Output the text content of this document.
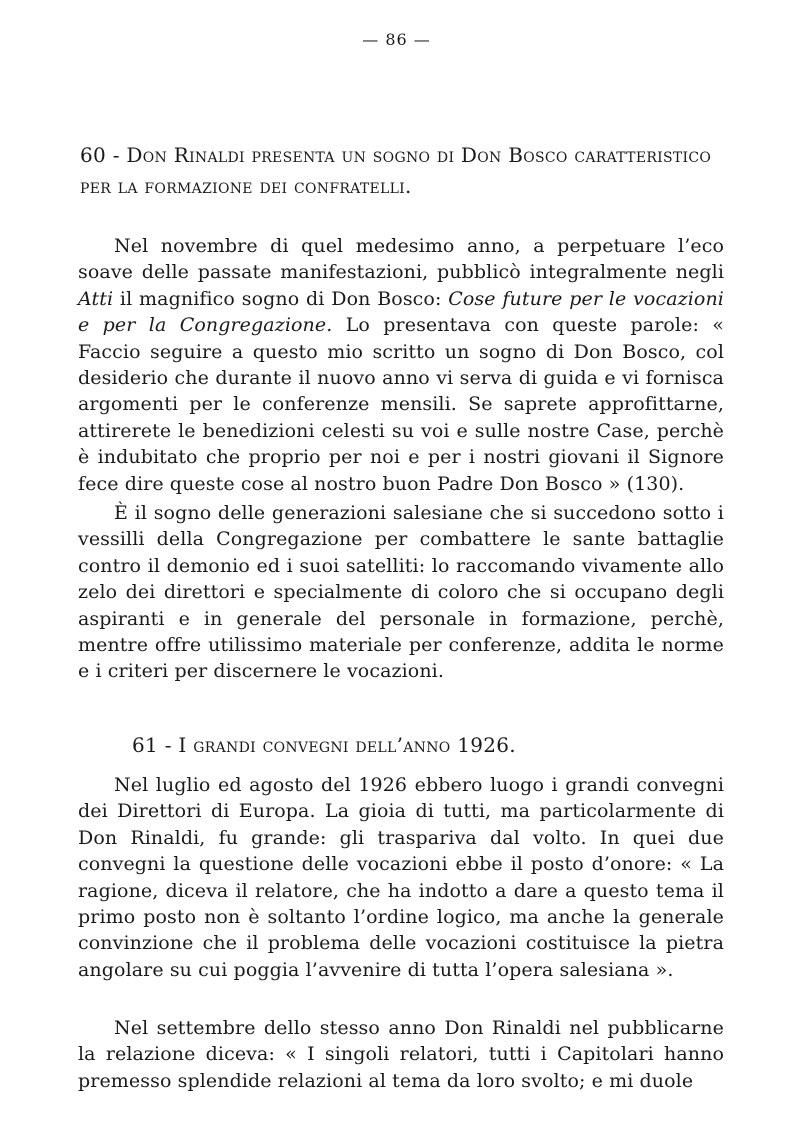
— 86 —
60 - Don Rinaldi presenta un sogno di Don Bosco caratteristico per la formazione dei confratelli.
Nel novembre di quel medesimo anno, a perpetuare l’eco soave delle passate manifestazioni, pubblicò integralmente negli Atti il magnifico sogno di Don Bosco: Cose future per le vocazioni e per la Congregazione. Lo presentava con queste parole: « Faccio seguire a questo mio scritto un sogno di Don Bosco, col desiderio che durante il nuovo anno vi serva di guida e vi fornisca argomenti per le conferenze mensili. Se saprete approfittarne, attirerete le benedizioni celesti su voi e sulle nostre Case, perchè è indubitato che proprio per noi e per i nostri giovani il Signore fece dire queste cose al nostro buon Padre Don Bosco » (130).
È il sogno delle generazioni salesiane che si succedono sotto i vessilli della Congregazione per combattere le sante battaglie contro il demonio ed i suoi satelliti: lo raccomando vivamente allo zelo dei direttori e specialmente di coloro che si occupano degli aspiranti e in generale del personale in formazione, perchè, mentre offre utilissimo materiale per conferenze, addita le norme e i criteri per discernere le vocazioni.
61 - I grandi convegni dell’anno 1926.
Nel luglio ed agosto del 1926 ebbero luogo i grandi convegni dei Direttori di Europa. La gioia di tutti, ma particolarmente di Don Rinaldi, fu grande: gli traspariva dal volto. In quei due convegni la questione delle vocazioni ebbe il posto d’onore: « La ragione, diceva il relatore, che ha indotto a dare a questo tema il primo posto non è soltanto l’ordine logico, ma anche la generale convinzione che il problema delle vocazioni costituisce la pietra angolare su cui poggia l’avvenire di tutta l’opera salesiana ».
Nel settembre dello stesso anno Don Rinaldi nel pubblicarne la relazione diceva: « I singoli relatori, tutti i Capitolari hanno premesso splendide relazioni al tema da loro svolto; e mi duole
